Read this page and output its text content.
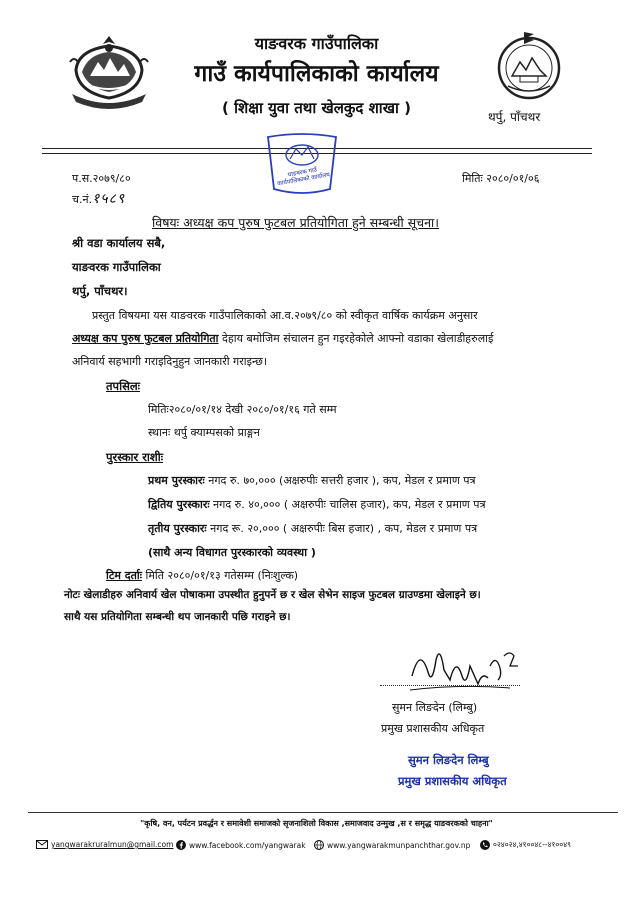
याङवरक गाउँपालिका
गाउँ कार्यपालिकाको कार्यालय
( शिक्षा युवा तथा खेलकुद शाखा )	थर्पु, पाँचथर
याङवरक गाउँ कार्यपालिकाको कार्यालय
प.स.२०७९/८०
च.नं.१५८९
मितिः २०८०/०१/०६
विषयः अध्यक्ष कप पुरुष फुटबल प्रतियोगिता हुने सम्बन्धी सूचना।
श्री वडा कार्यालय सबै,
याङवरक गाउँपालिका
थर्पु, पाँचथर।
प्रस्तुत विषयमा यस याङवरक गाउँपालिकाको आ.व.२०७९/८० को स्वीकृत वार्षिक कार्यक्रम अनुसार
अध्यक्ष कप पुरुष फुटबल प्रतियोगिता देहाय बमोजिम संचालन हुन गइरहेकोले आफ्नो वडाका खेलाडीहरुलाई
अनिवार्य सहभागी गराइदिनुहुन जानकारी गराइन्छ।
तपसिलः
मितिः२०८०/०१/१४ देखी २०८०/०१/१६ गते सम्म
स्थानः थर्पु क्याम्पसको प्राङ्गन
पुरस्कार राशीः
प्रथम पुरस्कारः नगद रु. ७०,००० (अक्षरुपीः सत्तरी हजार ), कप, मेडल र प्रमाण पत्र
द्वितिय पुरस्कारः नगद रु. ४०,००० ( अक्षरुपीः चालिस हजार), कप, मेडल र प्रमाण पत्र
तृतीय पुरस्कारः नगद रू. २०,००० ( अक्षरुपीः बिस हजार) , कप, मेडल र प्रमाण पत्र
(साथै अन्य विधागत पुरस्कारको व्यवस्था )
टिम दर्ताः मिति २०८०/०१/१३ गतेसम्म (निःशुल्क)
नोटः खेलाडीहरु अनिवार्य खेल पोषाकमा उपस्थीत हुनुपर्ने छ र खेल सेभेन साइज फुटबल ग्राउण्डमा खेलाइने छ।
साथै यस प्रतियोगिता सम्बन्धी थप जानकारी पछि गराइने छ।
सुमन लिङदेन (लिम्बु)
प्रमुख प्रशासकीय अधिकृत
सुमन लिङदेन लिम्बु
प्रमुख प्रशासकीय अधिकृत
"कृषि, वन, पर्यटन प्रवर्द्धन र समावेशी समाजको सृजनाशिलो विकास ,समाजवाद उन्मुख ,स र समृद्ध याङवरकको चाहना"
yangwarakruralmun@gmail.com www.facebook.com/yangwarak	www.yangwarakmunpanchthar.gov.np	०२४०२४,४१००४८--४१००४९
